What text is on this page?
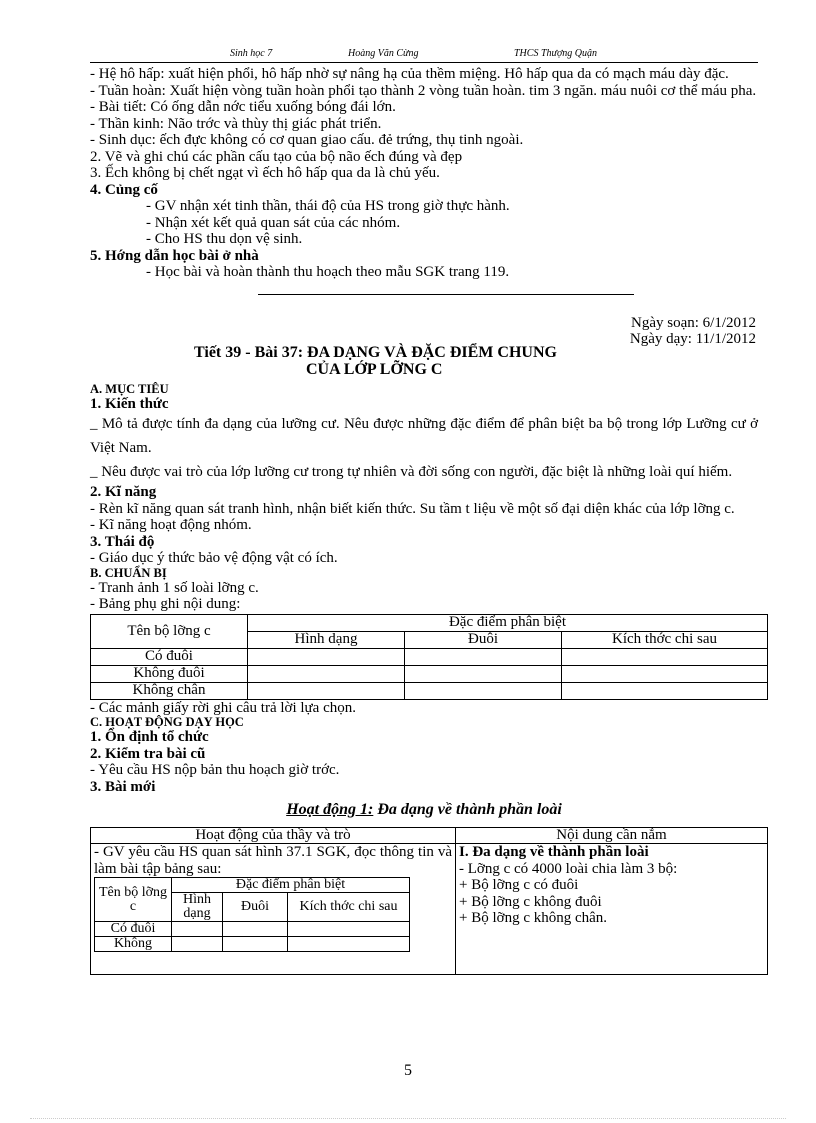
Sinh học 7	Hoàng Văn Cừng	THCS Thượng Quận

- Hệ hô hấp: xuất hiện phổi, hô hấp nhờ sự nâng hạ của thềm miệng. Hô hấp qua da có mạch máu dày đặc.

- Tuần hoàn: Xuất hiện vòng tuần hoàn phổi tạo thành 2 vòng tuần hoàn. tim 3 ngăn. máu nuôi cơ thể máu pha.

- Bài tiết: Có ống dẫn nớc tiểu xuống bóng đái lớn.

- Thần kinh: Não trớc và thùy thị giác phát triển.

- Sinh dục: ếch đực không có cơ quan giao cấu. đẻ trứng, thụ tinh ngoài.

2. Vẽ và ghi chú các phần cấu tạo của bộ não ếch đúng và đẹp

3. Ếch không bị chết ngạt vì ếch hô hấp qua da là chủ yếu.

4. Củng cố

- GV nhận xét tinh thần, thái độ của HS trong giờ thực hành.

- Nhận xét kết quả quan sát của các nhóm.

- Cho HS thu dọn vệ sinh.

5. Hớng dẫn học bài ở nhà

- Học bài và hoàn thành thu hoạch theo mẫu SGK trang 119.

Ngày soạn: 6/1/2012
Ngày dạy: 11/1/2012
Tiết 39 - Bài 37: ĐA DẠNG VÀ ĐẶC ĐIỂM CHUNG
CỦA LỚP LỠNG C

A. MỤC TIÊU

1. Kiến thức

_ Mô tả được tính đa dạng của lưỡng cư. Nêu được những đặc điểm để phân biệt ba bộ trong lớp Lưỡng cư ở Việt Nam.

_ Nêu được vai trò của lớp lưỡng cư trong tự nhiên và đời sống con người, đặc biệt là những loài quí hiếm.

2. Kĩ năng

- Rèn kĩ năng quan sát tranh hình, nhận biết kiến thức. Su tầm t liệu về một số đại diện khác của lớp lỡng c.

- Kĩ năng hoạt động nhóm.

3. Thái độ

- Giáo dục ý thức bảo vệ động vật có ích.

B. CHUẨN BỊ

- Tranh ảnh 1 số loài lỡng c.

- Bảng phụ ghi nội dung:

Tên bộ lỡng c	Đặc điểm phân biệt		
	Hình dạng	Đuôi	Kích thớc chi sau
Có đuôi			
Không đuôi			
Không chân			

- Các mảnh giấy rời ghi câu trả lời lựa chọn.

C. HOẠT ĐỘNG DẠY HỌC

1. Ổn định tổ chức

2. Kiểm tra bài cũ

- Yêu cầu HS nộp bản thu hoạch giờ trớc.

3. Bài mới

Hoạt động 1: Đa dạng về thành phần loài

Hoạt động của thầy và trò	Nội dung cần nắm

- GV yêu cầu HS quan sát hình 37.1 SGK, đọc thông tin và làm bài tập bảng sau:
Tên bộ lỡng c	Đặc điểm phân biệt
Hình dạng	Đuôi	Kích thớc chi sau
Có đuôi			
Không			

I. Đa dạng về thành phần loài
- Lỡng c có 4000 loài chia làm 3 bộ:
+ Bộ lỡng c có đuôi
+ Bộ lỡng c không đuôi
+ Bộ lỡng c không chân.
5
